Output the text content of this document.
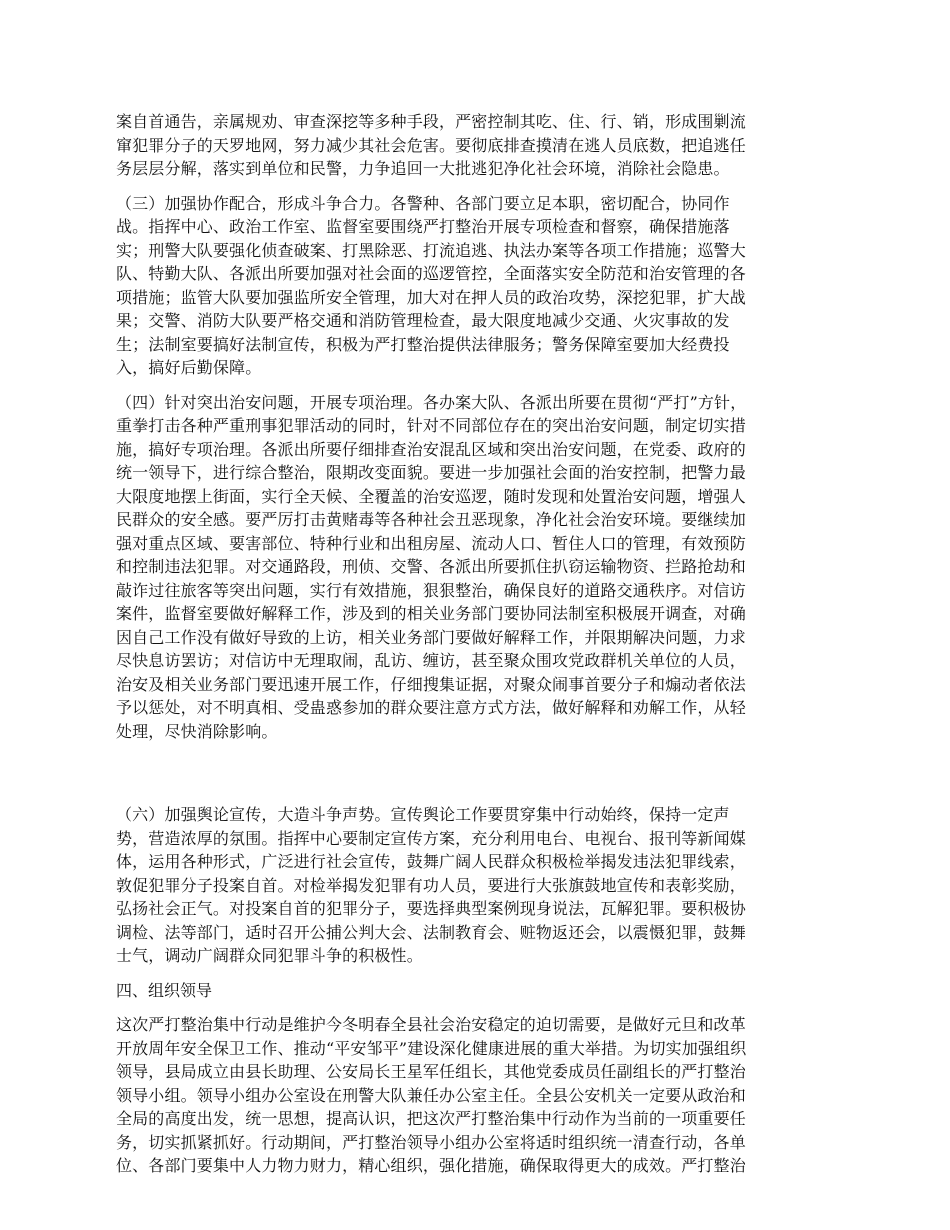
案自首通告，亲属规劝、审查深挖等多种手段，严密控制其吃、住、行、销，形成围剿流
窜犯罪分子的天罗地网，努力减少其社会危害。要彻底排查摸清在逃人员底数，把追逃任
务层层分解，落实到单位和民警，力争追回一大批逃犯净化社会环境，消除社会隐患。
（三）加强协作配合，形成斗争合力。各警种、各部门要立足本职，密切配合，协同作
战。指挥中心、政治工作室、监督室要围绕严打整治开展专项检查和督察，确保措施落
实；刑警大队要强化侦查破案、打黑除恶、打流追逃、执法办案等各项工作措施；巡警大
队、特勤大队、各派出所要加强对社会面的巡逻管控，全面落实安全防范和治安管理的各
项措施；监管大队要加强监所安全管理，加大对在押人员的政治攻势，深挖犯罪，扩大战
果；交警、消防大队要严格交通和消防管理检查，最大限度地减少交通、火灾事故的发
生；法制室要搞好法制宣传，积极为严打整治提供法律服务；警务保障室要加大经费投
入，搞好后勤保障。
（四）针对突出治安问题，开展专项治理。各办案大队、各派出所要在贯彻“严打”方针，
重拳打击各种严重刑事犯罪活动的同时，针对不同部位存在的突出治安问题，制定切实措
施，搞好专项治理。各派出所要仔细排查治安混乱区域和突出治安问题，在党委、政府的
统一领导下，进行综合整治，限期改变面貌。要进一步加强社会面的治安控制，把警力最
大限度地摆上街面，实行全天候、全覆盖的治安巡逻，随时发现和处置治安问题，增强人
民群众的安全感。要严厉打击黄赌毒等各种社会丑恶现象，净化社会治安环境。要继续加
强对重点区域、要害部位、特种行业和出租房屋、流动人口、暂住人口的管理，有效预防
和控制违法犯罪。对交通路段，刑侦、交警、各派出所要抓住扒窃运输物资、拦路抢劫和
敲诈过往旅客等突出问题，实行有效措施，狠狠整治，确保良好的道路交通秩序。对信访
案件，监督室要做好解释工作，涉及到的相关业务部门要协同法制室积极展开调查，对确
因自己工作没有做好导致的上访，相关业务部门要做好解释工作，并限期解决问题，力求
尽快息访罢访；对信访中无理取闹，乱访、缠访，甚至聚众围攻党政群机关单位的人员，
治安及相关业务部门要迅速开展工作，仔细搜集证据，对聚众闹事首要分子和煽动者依法
予以惩处，对不明真相、受蛊惑参加的群众要注意方式方法，做好解释和劝解工作，从轻
处理，尽快消除影响。
（六）加强舆论宣传，大造斗争声势。宣传舆论工作要贯穿集中行动始终，保持一定声
势，营造浓厚的氛围。指挥中心要制定宣传方案，充分利用电台、电视台、报刊等新闻媒
体，运用各种形式，广泛进行社会宣传，鼓舞广阔人民群众积极检举揭发违法犯罪线索，
敦促犯罪分子投案自首。对检举揭发犯罪有功人员，要进行大张旗鼓地宣传和表彰奖励，
弘扬社会正气。对投案自首的犯罪分子，要选择典型案例现身说法，瓦解犯罪。要积极协
调检、法等部门，适时召开公捕公判大会、法制教育会、赃物返还会，以震慑犯罪，鼓舞
士气，调动广阔群众同犯罪斗争的积极性。
四、组织领导
这次严打整治集中行动是维护今冬明春全县社会治安稳定的迫切需要，是做好元旦和改革
开放周年安全保卫工作、推动“平安邹平”建设深化健康进展的重大举措。为切实加强组织
领导，县局成立由县长助理、公安局长王星军任组长，其他党委成员任副组长的严打整治
领导小组。领导小组办公室设在刑警大队兼任办公室主任。全县公安机关一定要从政治和
全局的高度出发，统一思想，提高认识，把这次严打整治集中行动作为当前的一项重要任
务，切实抓紧抓好。行动期间，严打整治领导小组办公室将适时组织统一清查行动，各单
位、各部门要集中人力物力财力，精心组织，强化措施，确保取得更大的成效。严打整治
